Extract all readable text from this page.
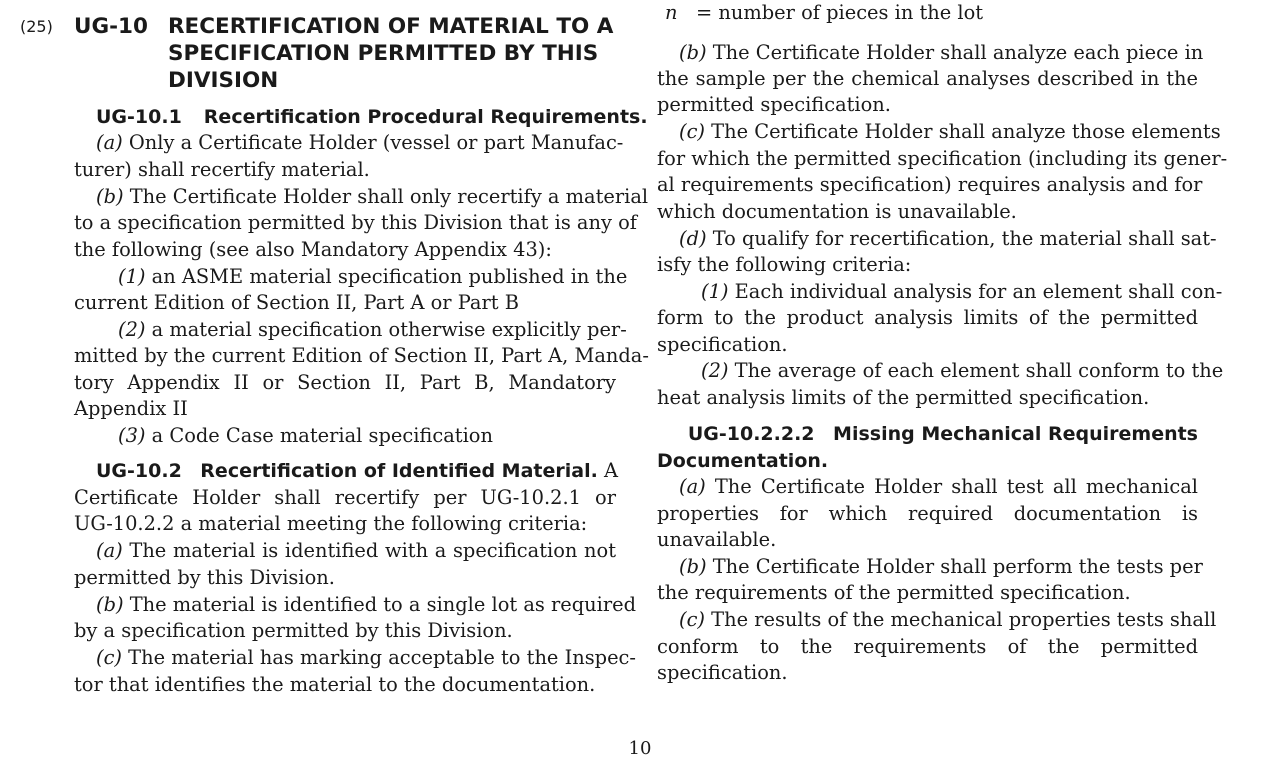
(25) UG-10 RECERTIFICATION OF MATERIAL TO A
SPECIFICATION PERMITTED BY THIS
DIVISION
UG-10.1 Recertification Procedural Requirements.
(a) Only a Certificate Holder (vessel or part Manufac-
turer) shall recertify material.
(b) The Certificate Holder shall only recertify a material
to a specification permitted by this Division that is any of
the following (see also Mandatory Appendix 43):
(1) an ASME material specification published in the
current Edition of Section II, Part A or Part B
(2) a material specification otherwise explicitly per-
mitted by the current Edition of Section II, Part A, Manda-
tory Appendix II or Section II, Part B, Mandatory
Appendix II
(3) a Code Case material specification
UG-10.2 Recertification of Identified Material. A
Certificate Holder shall recertify per UG-10.2.1 or
UG-10.2.2 a material meeting the following criteria:
(a) The material is identified with a specification not
permitted by this Division.
(b) The material is identified to a single lot as required
by a specification permitted by this Division.
(c) The material has marking acceptable to the Inspec-
tor that identifies the material to the documentation.
n = number of pieces in the lot
(b) The Certificate Holder shall analyze each piece in
the sample per the chemical analyses described in the
permitted specification.
(c) The Certificate Holder shall analyze those elements
for which the permitted specification (including its gener-
al requirements specification) requires analysis and for
which documentation is unavailable.
(d) To qualify for recertification, the material shall sat-
isfy the following criteria:
(1) Each individual analysis for an element shall con-
form to the product analysis limits of the permitted
specification.
(2) The average of each element shall conform to the
heat analysis limits of the permitted specification.
UG-10.2.2.2 Missing Mechanical Requirements
Documentation.
(a) The Certificate Holder shall test all mechanical
properties for which required documentation is
unavailable.
(b) The Certificate Holder shall perform the tests per
the requirements of the permitted specification.
(c) The results of the mechanical properties tests shall
conform to the requirements of the permitted
specification.
10
